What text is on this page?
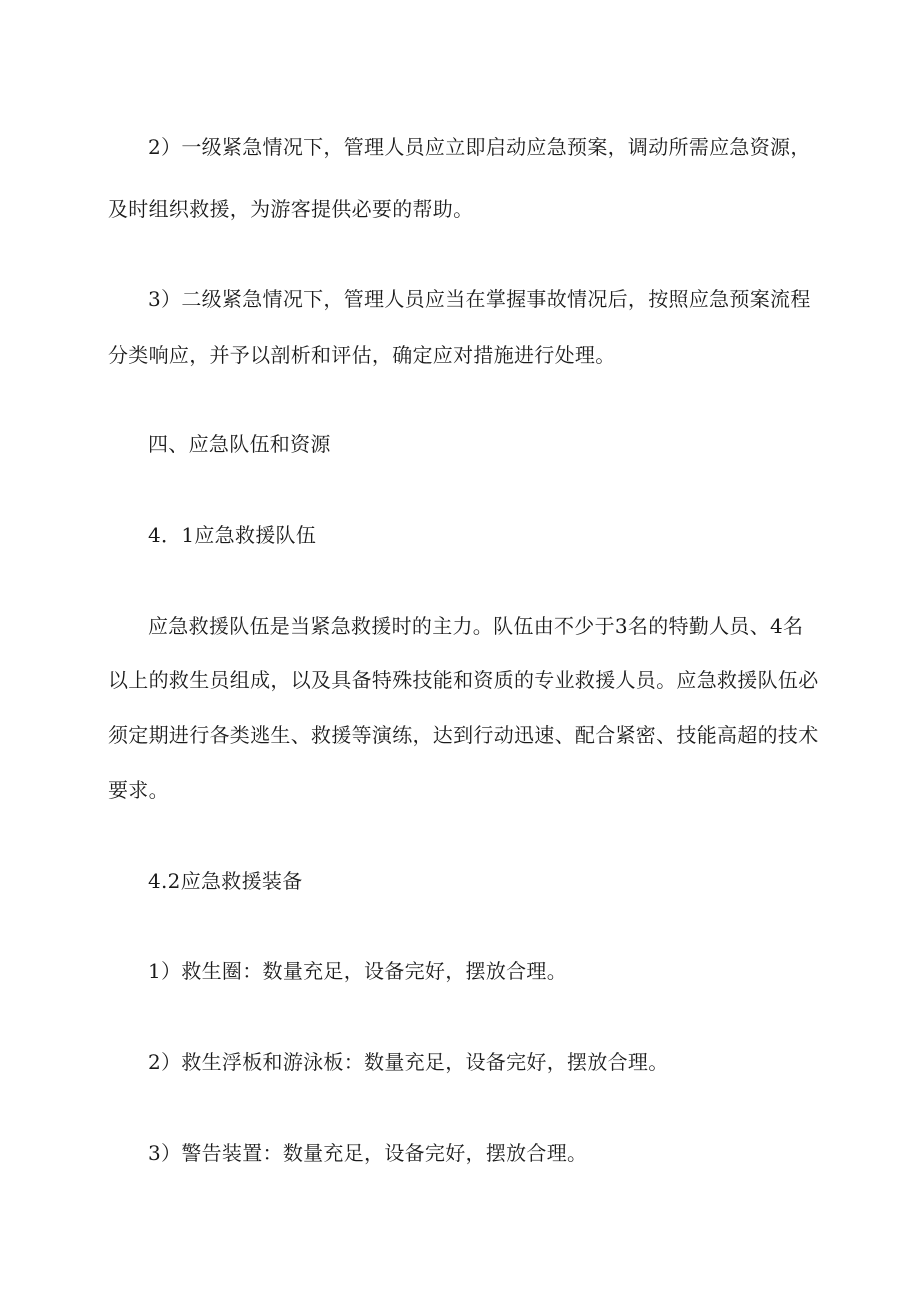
2）一级紧急情况下，管理人员应立即启动应急预案，调动所需应急资源，
及时组织救援，为游客提供必要的帮助。
3）二级紧急情况下，管理人员应当在掌握事故情况后，按照应急预案流程
分类响应，并予以剖析和评估，确定应对措施进行处理。
四、应急队伍和资源
4．1应急救援队伍
应急救援队伍是当紧急救援时的主力。队伍由不少于3名的特勤人员、4名
以上的救生员组成，以及具备特殊技能和资质的专业救援人员。应急救援队伍必
须定期进行各类逃生、救援等演练，达到行动迅速、配合紧密、技能高超的技术
要求。
4.2应急救援装备
1）救生圈：数量充足，设备完好，摆放合理。
2）救生浮板和游泳板：数量充足，设备完好，摆放合理。
3）警告装置：数量充足，设备完好，摆放合理。
